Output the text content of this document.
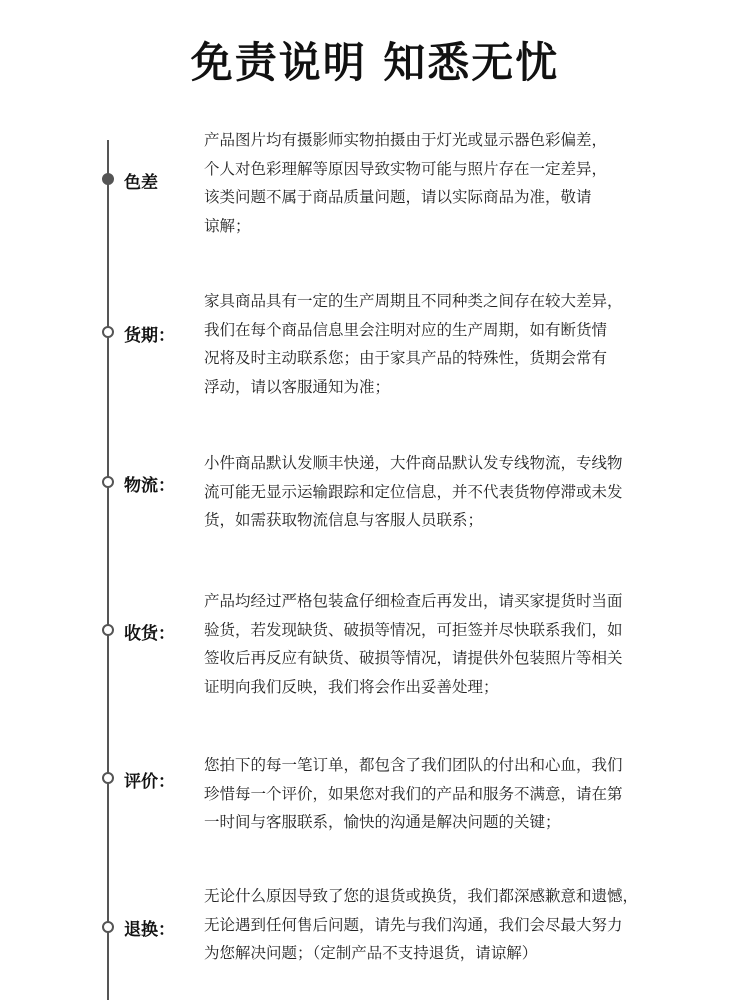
免责说明 知悉无忧
色差
产品图片均有摄影师实物拍摄由于灯光或显示器色彩偏差，
个人对色彩理解等原因导致实物可能与照片存在一定差异，
该类问题不属于商品质量问题，请以实际商品为准，敬请
谅解；
货期：
家具商品具有一定的生产周期且不同种类之间存在较大差异，
我们在每个商品信息里会注明对应的生产周期，如有断货情
况将及时主动联系您；由于家具产品的特殊性，货期会常有
浮动，请以客服通知为准；
物流：
小件商品默认发顺丰快递，大件商品默认发专线物流，专线物
流可能无显示运输跟踪和定位信息，并不代表货物停滞或未发
货，如需获取物流信息与客服人员联系；
收货：
产品均经过严格包装盒仔细检查后再发出，请买家提货时当面
验货，若发现缺货、破损等情况，可拒签并尽快联系我们，如
签收后再反应有缺货、破损等情况，请提供外包装照片等相关
证明向我们反映，我们将会作出妥善处理；
评价：
您拍下的每一笔订单，都包含了我们团队的付出和心血，我们
珍惜每一个评价，如果您对我们的产品和服务不满意，请在第
一时间与客服联系，愉快的沟通是解决问题的关键；
退换：
无论什么原因导致了您的退货或换货，我们都深感歉意和遗憾，
无论遇到任何售后问题，请先与我们沟通，我们会尽最大努力
为您解决问题；（定制产品不支持退货，请谅解）
